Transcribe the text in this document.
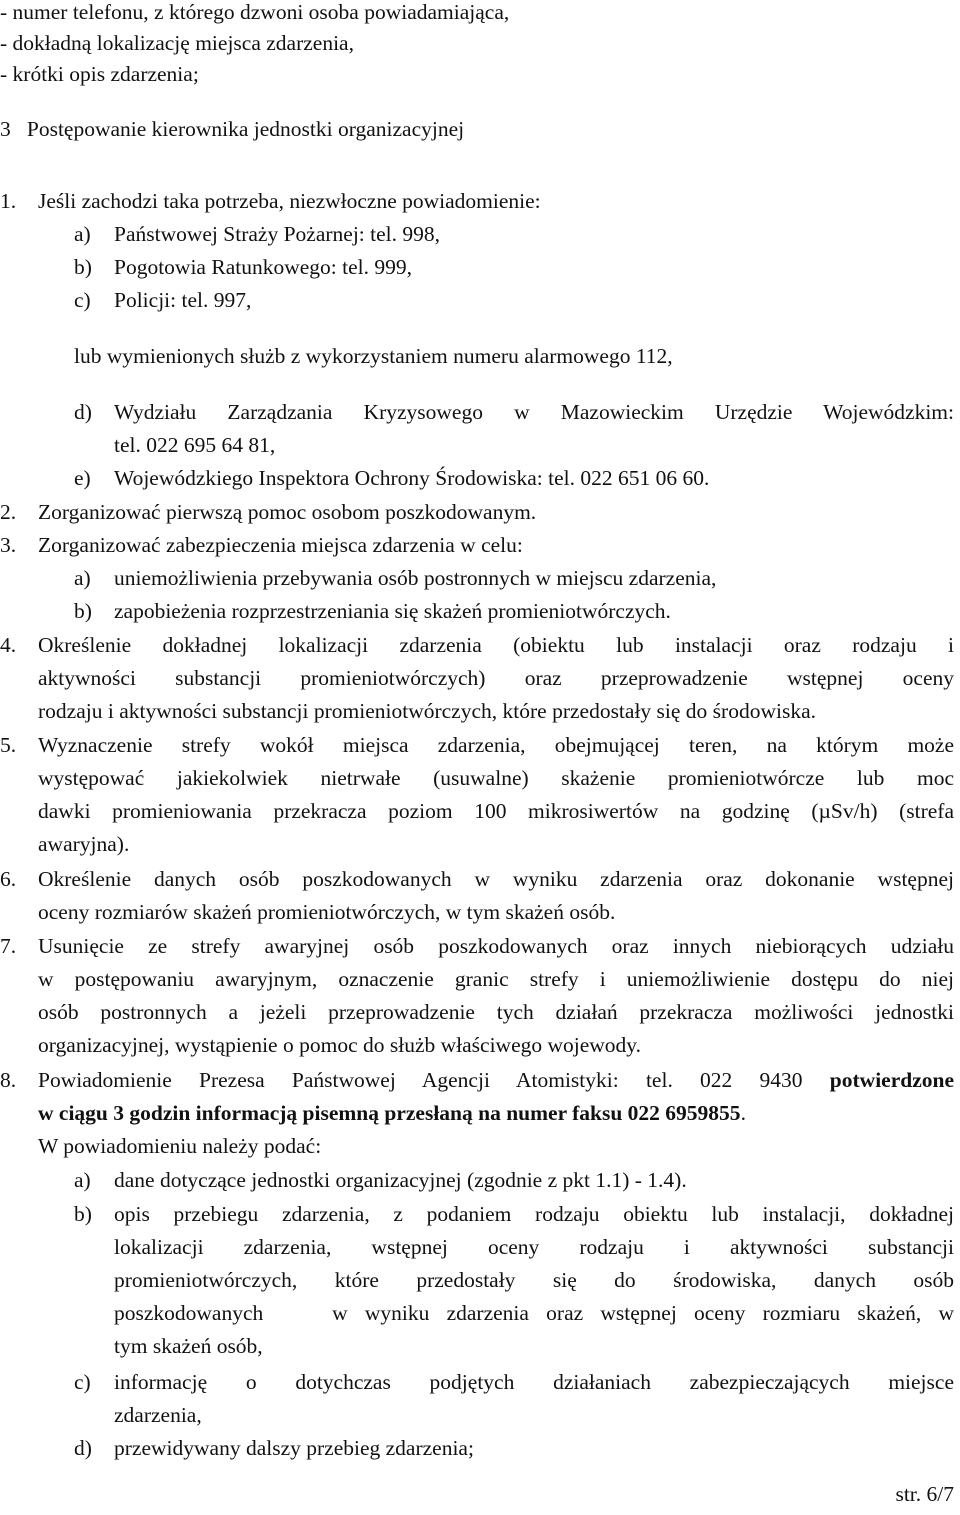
- numer telefonu, z którego dzwoni osoba powiadamiająca,
- dokładną lokalizację miejsca zdarzenia,
- krótki opis zdarzenia;
3   Postępowanie kierownika jednostki organizacyjnej
1. Jeśli zachodzi taka potrzeba, niezwłoczne powiadomienie:
a) Państwowej Straży Pożarnej: tel. 998,
b) Pogotowia Ratunkowego: tel. 999,
c) Policji: tel. 997,
lub wymienionych służb z wykorzystaniem numeru alarmowego 112,
d) Wydziału Zarządzania Kryzysowego w Mazowieckim Urzędzie Wojewódzkim:
tel. 022 695 64 81,
e) Wojewódzkiego Inspektora Ochrony Środowiska: tel. 022 651 06 60.
2. Zorganizować pierwszą pomoc osobom poszkodowanym.
3. Zorganizować zabezpieczenia miejsca zdarzenia w celu:
a) uniemożliwienia przebywania osób postronnych w miejscu zdarzenia,
b) zapobieżenia rozprzestrzeniania się skażeń promieniotwórczych.
4. Określenie dokładnej lokalizacji zdarzenia (obiektu lub instalacji oraz rodzaju i
aktywności substancji promieniotwórczych) oraz przeprowadzenie wstępnej oceny
rodzaju i aktywności substancji promieniotwórczych, które przedostały się do środowiska.
5. Wyznaczenie strefy wokół miejsca zdarzenia, obejmującej teren, na którym może
występować jakiekolwiek nietrwałe (usuwalne) skażenie promieniotwórcze lub moc
dawki promieniowania przekracza poziom 100 mikrosiwertów na godzinę (µSv/h) (strefa
awaryjna).
6. Określenie danych osób poszkodowanych w wyniku zdarzenia oraz dokonanie wstępnej
oceny rozmiarów skażeń promieniotwórczych, w tym skażeń osób.
7. Usunięcie ze strefy awaryjnej osób poszkodowanych oraz innych niebiorących udziału
w postępowaniu awaryjnym, oznaczenie granic strefy i uniemożliwienie dostępu do niej
osób postronnych a jeżeli przeprowadzenie tych działań przekracza możliwości jednostki
organizacyjnej, wystąpienie o pomoc do służb właściwego wojewody.
8. Powiadomienie Prezesa Państwowej Agencji Atomistyki: tel. 022 9430 potwierdzone
w ciągu 3 godzin informacją pisemną przesłaną na numer faksu 022 6959855.
W powiadomieniu należy podać:
a) dane dotyczące jednostki organizacyjnej (zgodnie z pkt 1.1) - 1.4).
b) opis przebiegu zdarzenia, z podaniem rodzaju obiektu lub instalacji, dokładnej
lokalizacji zdarzenia, wstępnej oceny rodzaju i aktywności substancji
promieniotwórczych, które przedostały się do środowiska, danych osób
poszkodowanych    w wyniku zdarzenia oraz wstępnej oceny rozmiaru skażeń, w
tym skażeń osób,
c) informację o dotychczas podjętych działaniach zabezpieczających miejsce
zdarzenia,
d) przewidywany dalszy przebieg zdarzenia;
str. 6/7
